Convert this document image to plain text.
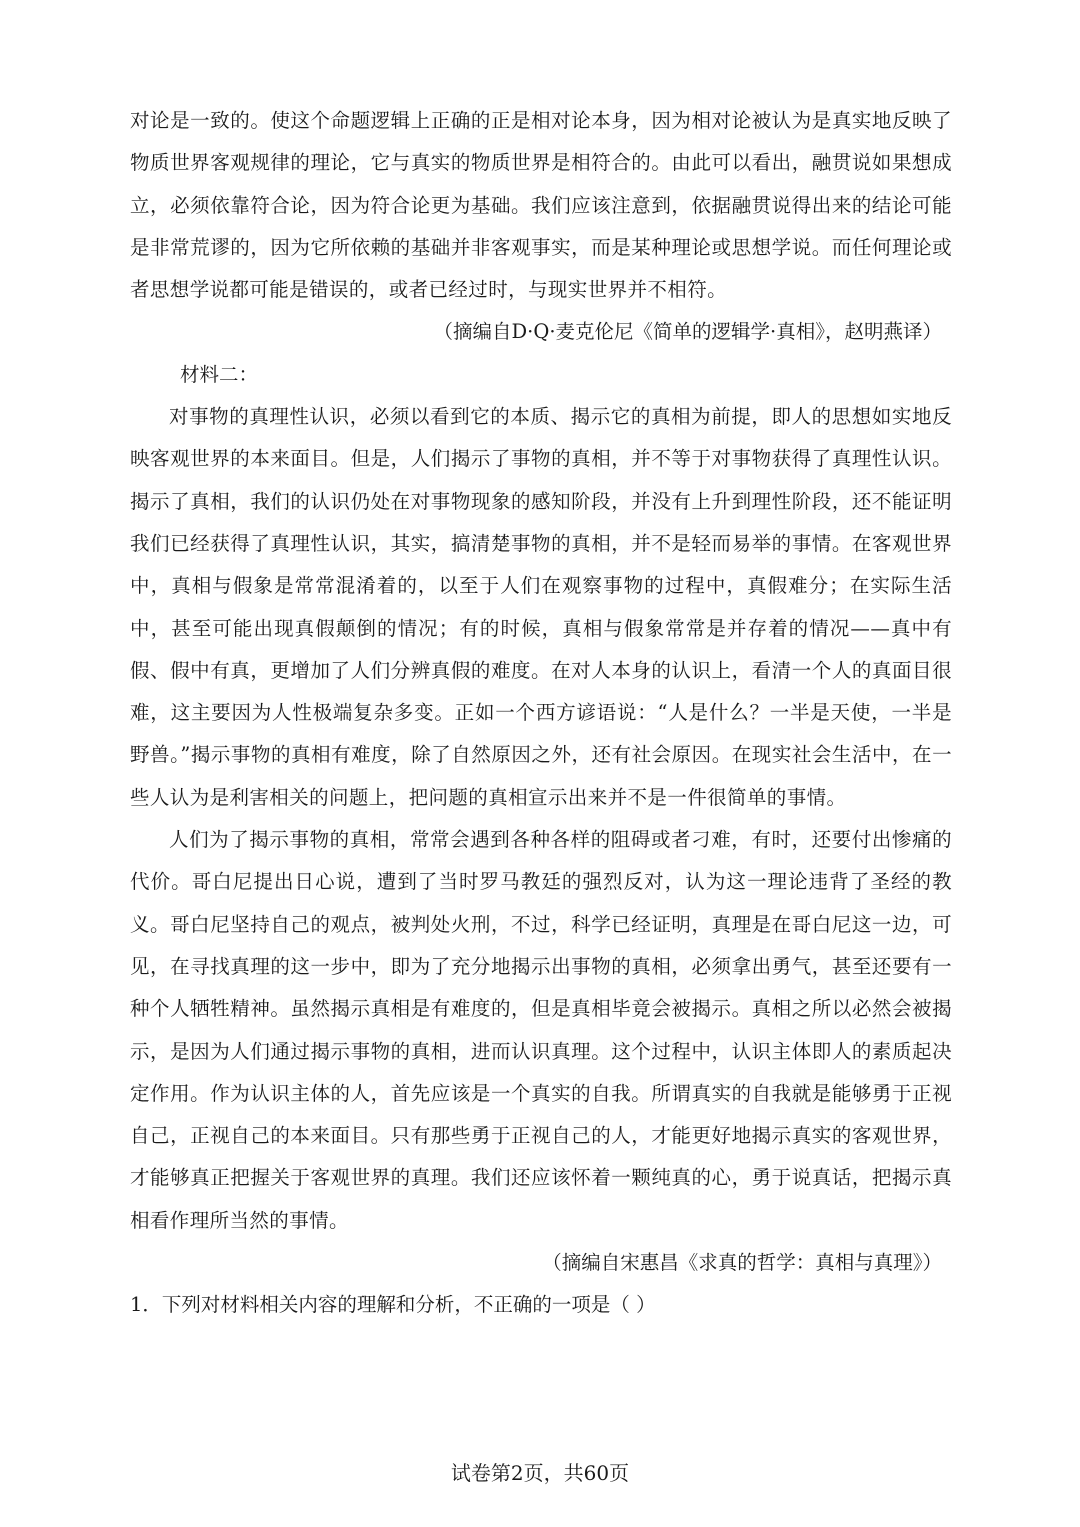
对论是一致的。使这个命题逻辑上正确的正是相对论本身，因为相对论被认为是真实地反映了物质世界客观规律的理论，它与真实的物质世界是相符合的。由此可以看出，融贯说如果想成立，必须依靠符合论，因为符合论更为基础。我们应该注意到，依据融贯说得出来的结论可能是非常荒谬的，因为它所依赖的基础并非客观事实，而是某种理论或思想学说。而任何理论或者思想学说都可能是错误的，或者已经过时，与现实世界并不相符。

（摘编自D·Q·麦克伦尼《简单的逻辑学·真相》，赵明燕译）

材料二：

对事物的真理性认识，必须以看到它的本质、揭示它的真相为前提，即人的思想如实地反映客观世界的本来面目。但是，人们揭示了事物的真相，并不等于对事物获得了真理性认识。揭示了真相，我们的认识仍处在对事物现象的感知阶段，并没有上升到理性阶段，还不能证明我们已经获得了真理性认识，其实，搞清楚事物的真相，并不是轻而易举的事情。在客观世界中，真相与假象是常常混淆着的，以至于人们在观察事物的过程中，真假难分；在实际生活中，甚至可能出现真假颠倒的情况；有的时候，真相与假象常常是并存着的情况——真中有假、假中有真，更增加了人们分辨真假的难度。在对人本身的认识上，看清一个人的真面目很难，这主要因为人性极端复杂多变。正如一个西方谚语说：“人是什么？一半是天使，一半是野兽。”揭示事物的真相有难度，除了自然原因之外，还有社会原因。在现实社会生活中，在一些人认为是利害相关的问题上，把问题的真相宣示出来并不是一件很简单的事情。

人们为了揭示事物的真相，常常会遇到各种各样的阻碍或者刁难，有时，还要付出惨痛的代价。哥白尼提出日心说，遭到了当时罗马教廷的强烈反对，认为这一理论违背了圣经的教义。哥白尼坚持自己的观点，被判处火刑，不过，科学已经证明，真理是在哥白尼这一边，可见，在寻找真理的这一步中，即为了充分地揭示出事物的真相，必须拿出勇气，甚至还要有一种个人牺牲精神。虽然揭示真相是有难度的，但是真相毕竟会被揭示。真相之所以必然会被揭示，是因为人们通过揭示事物的真相，进而认识真理。这个过程中，认识主体即人的素质起决定作用。作为认识主体的人，首先应该是一个真实的自我。所谓真实的自我就是能够勇于正视自己，正视自己的本来面目。只有那些勇于正视自己的人，才能更好地揭示真实的客观世界，才能够真正把握关于客观世界的真理。我们还应该怀着一颗纯真的心，勇于说真话，把揭示真相看作理所当然的事情。

（摘编自宋惠昌《求真的哲学：真相与真理》）

1．下列对材料相关内容的理解和分析，不正确的一项是（ ）

试卷第2页，共60页
